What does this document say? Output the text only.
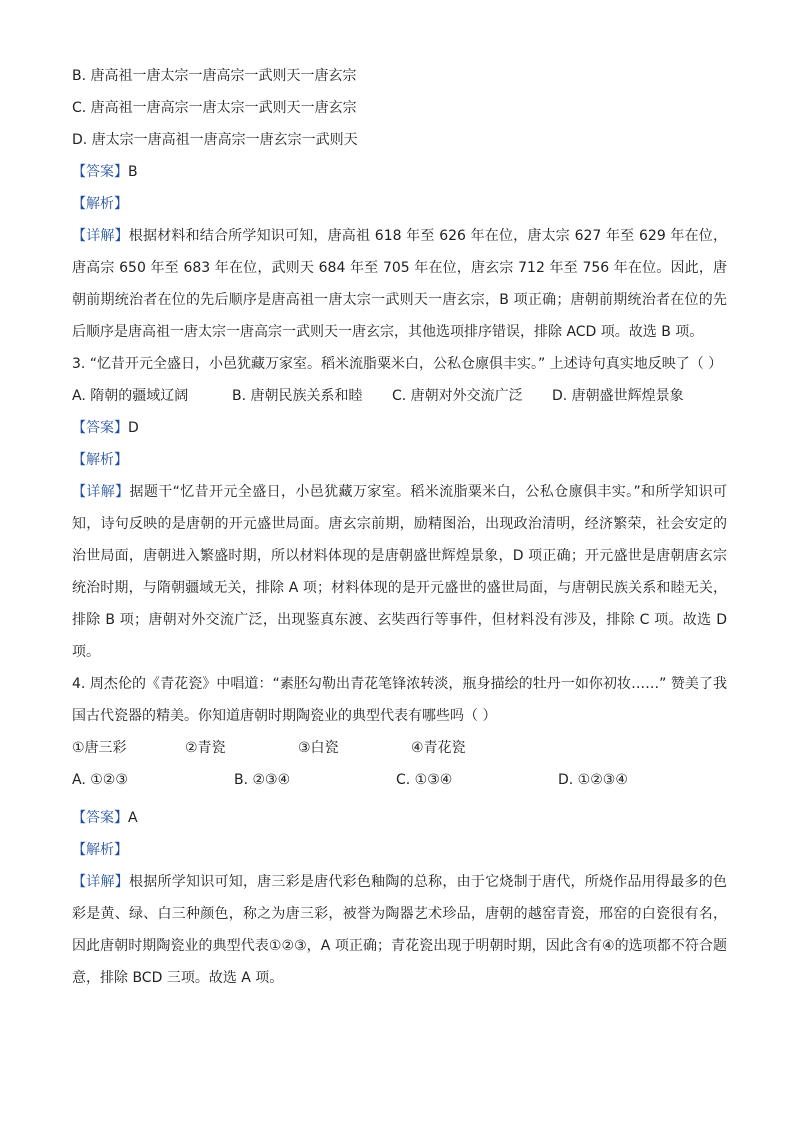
B. 唐高祖一唐太宗一唐高宗一武则天一唐玄宗

C. 唐高祖一唐高宗一唐太宗一武则天一唐玄宗

D. 唐太宗一唐高祖一唐高宗一唐玄宗一武则天

【答案】B

【解析】

【详解】根据材料和结合所学知识可知，唐高祖 618 年至 626 年在位，唐太宗 627 年至 629 年在位，唐高宗 650 年至 683 年在位，武则天 684 年至 705 年在位，唐玄宗 712 年至 756 年在位。因此，唐朝前期统治者在位的先后顺序是唐高祖一唐太宗一武则天一唐玄宗，B 项正确；唐朝前期统治者在位的先后顺序是唐高祖一唐太宗一唐高宗一武则天一唐玄宗，其他选项排序错误，排除 ACD 项。故选 B 项。

3. “忆昔开元全盛日，小邑犹藏万家室。稻米流脂粟米白，公私仓廪俱丰实。” 上述诗句真实地反映了（ ）

A. 隋朝的疆域辽阔	B. 唐朝民族关系和睦	C. 唐朝对外交流广泛	D. 唐朝盛世辉煌景象

【答案】D

【解析】

【详解】据题干“忆昔开元全盛日，小邑犹藏万家室。稻米流脂粟米白，公私仓廪俱丰实。”和所学知识可知，诗句反映的是唐朝的开元盛世局面。唐玄宗前期，励精图治，出现政治清明，经济繁荣，社会安定的治世局面，唐朝进入繁盛时期，所以材料体现的是唐朝盛世辉煌景象，D 项正确；开元盛世是唐朝唐玄宗统治时期，与隋朝疆域无关，排除 A 项；材料体现的是开元盛世的盛世局面，与唐朝民族关系和睦无关，排除 B 项；唐朝对外交流广泛，出现鉴真东渡、玄奘西行等事件，但材料没有涉及，排除 C 项。故选 D 项。

4. 周杰伦的《青花瓷》中唱道：“素胚勾勒出青花笔锋浓转淡，瓶身描绘的牡丹一如你初妆……” 赞美了我国古代瓷器的精美。你知道唐朝时期陶瓷业的典型代表有哪些吗（ ）

①唐三彩	②青瓷	③白瓷	④青花瓷
A. ①②③	B. ②③④	C. ①③④	D. ①②③④

【答案】A

【解析】

【详解】根据所学知识可知，唐三彩是唐代彩色釉陶的总称，由于它烧制于唐代，所烧作品用得最多的色彩是黄、绿、白三种颜色，称之为唐三彩，被誉为陶器艺术珍品，唐朝的越窑青瓷，邢窑的白瓷很有名，因此唐朝时期陶瓷业的典型代表①②③，A 项正确；青花瓷出现于明朝时期，因此含有④的选项都不符合题意，排除 BCD 三项。故选 A 项。
